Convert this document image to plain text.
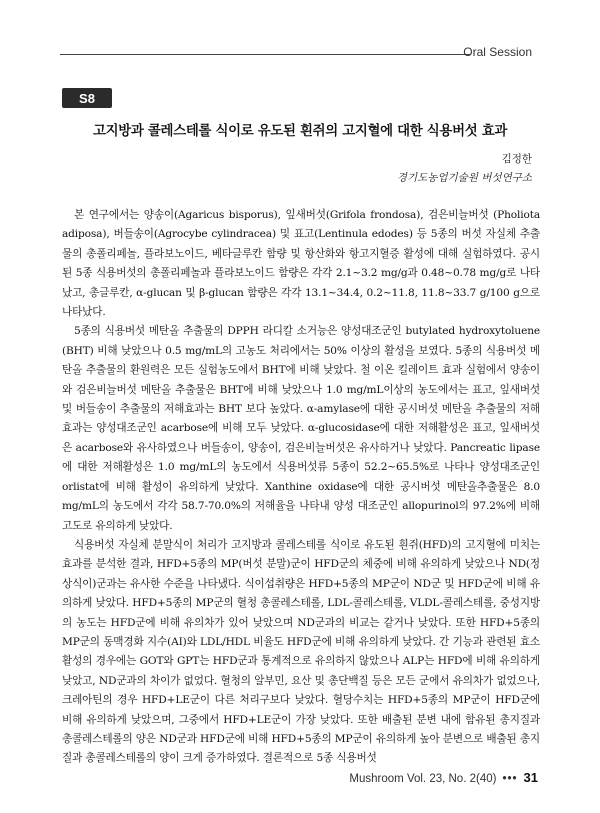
Oral Session
S8
고지방과 콜레스테롤 식이로 유도된 흰쥐의 고지혈에 대한 식용버섯 효과
김정한
경기도농업기술원 버섯연구소

본 연구에서는 양송이(Agaricus bisporus), 잎새버섯(Grifola frondosa), 검은비늘버섯 (Pholiota adiposa), 버들송이(Agrocybe cylindracea) 및 표고(Lentinula edodes) 등 5종의 버섯 자실체 추출물의 총폴리페놀, 플라보노이드, 베타글루칸 함량 및 항산화와 항고지혈증 활성에 대해 실험하였다. 공시된 5종 식용버섯의 총폴리페놀과 플라보노이드 함량은 각각 2.1~3.2 mg/g과 0.48~0.78 mg/g로 나타났고, 총글루칸, α-glucan 및 β-glucan 함량은 각각 13.1~34.4, 0.2~11.8, 11.8~33.7 g/100 g으로 나타났다.

5종의 식용버섯 메탄올 추출물의 DPPH 라디칼 소거능은 양성대조군인 butylated hydroxytoluene (BHT) 비해 낮았으나 0.5 mg/mL의 고농도 처리에서는 50% 이상의 활성을 보였다. 5종의 식용버섯 메탄올 추출물의 환원력은 모든 실험농도에서 BHT에 비해 낮았다. 철 이온 킬레이트 효과 실험에서 양송이와 검은비늘버섯 메탄올 추출물은 BHT에 비해 낮았으나 1.0 mg/mL이상의 농도에서는 표고, 잎새버섯 및 버들송이 추출물의 저해효과는 BHT 보다 높았다. α-amylase에 대한 공시버섯 메탄올 추출물의 저해효과는 양성대조군인 acarbose에 비해 모두 낮았다. α-glucosidase에 대한 저해활성은 표고, 잎새버섯은 acarbose와 유사하였으나 버들송이, 양송이, 검은비늘버섯은 유사하거나 낮았다. Pancreatic lipase에 대한 저해활성은 1.0 mg/mL의 농도에서 식용버섯류 5종이 52.2~65.5%로 나타나 양성대조군인 orlistat에 비해 활성이 유의하게 낮았다. Xanthine oxidase에 대한 공시버섯 메탄올추출물은 8.0 mg/mL의 농도에서 각각 58.7-70.0%의 저해율을 나타내 양성 대조군인 allopurinol의 97.2%에 비해 고도로 유의하게 낮았다.

식용버섯 자실체 분말식이 처리가 고지방과 콜레스테롤 식이로 유도된 흰쥐(HFD)의 고지혈에 미치는 효과를 분석한 결과, HFD+5종의 MP(버섯 분말)군이 HFD군의 체중에 비해 유의하게 낮았으나 ND(정상식이)군과는 유사한 수준을 나타냈다. 식이섭취량은 HFD+5종의 MP군이 ND군 및 HFD군에 비해 유의하게 낮았다. HFD+5종의 MP군의 혈청 총콜레스테롤, LDL-콜레스테롤, VLDL-콜레스테롤, 중성지방의 농도는 HFD군에 비해 유의차가 있어 낮았으며 ND군과의 비교는 같거나 낮았다. 또한 HFD+5종의 MP군의 동맥경화 지수(AI)와 LDL/HDL 비율도 HFD군에 비해 유의하게 낮았다. 간 기능과 관련된 효소활성의 경우에는 GOT와 GPT는 HFD군과 통계적으로 유의하지 않았으나 ALP는 HFD에 비해 유의하게 낮았고, ND군과의 차이가 없었다. 혈청의 알부민, 요산 및 총단백질 등은 모든 군에서 유의차가 없었으나, 크레아틴의 경우 HFD+LE군이 다른 처리구보다 낮았다. 혈당수치는 HFD+5종의 MP군이 HFD군에 비해 유의하게 낮았으며, 그중에서 HFD+LE군이 가장 낮았다. 또한 배출된 분변 내에 함유된 총지질과 총콜레스테롤의 양은 ND군과 HFD군에 비해 HFD+5종의 MP군이 유의하게 높아 분변으로 배출된 총지질과 총콜레스테롤의 양이 크게 증가하였다. 결론적으로 5종 식용버섯

Mushroom Vol. 23, No. 2(40) ••• 31
